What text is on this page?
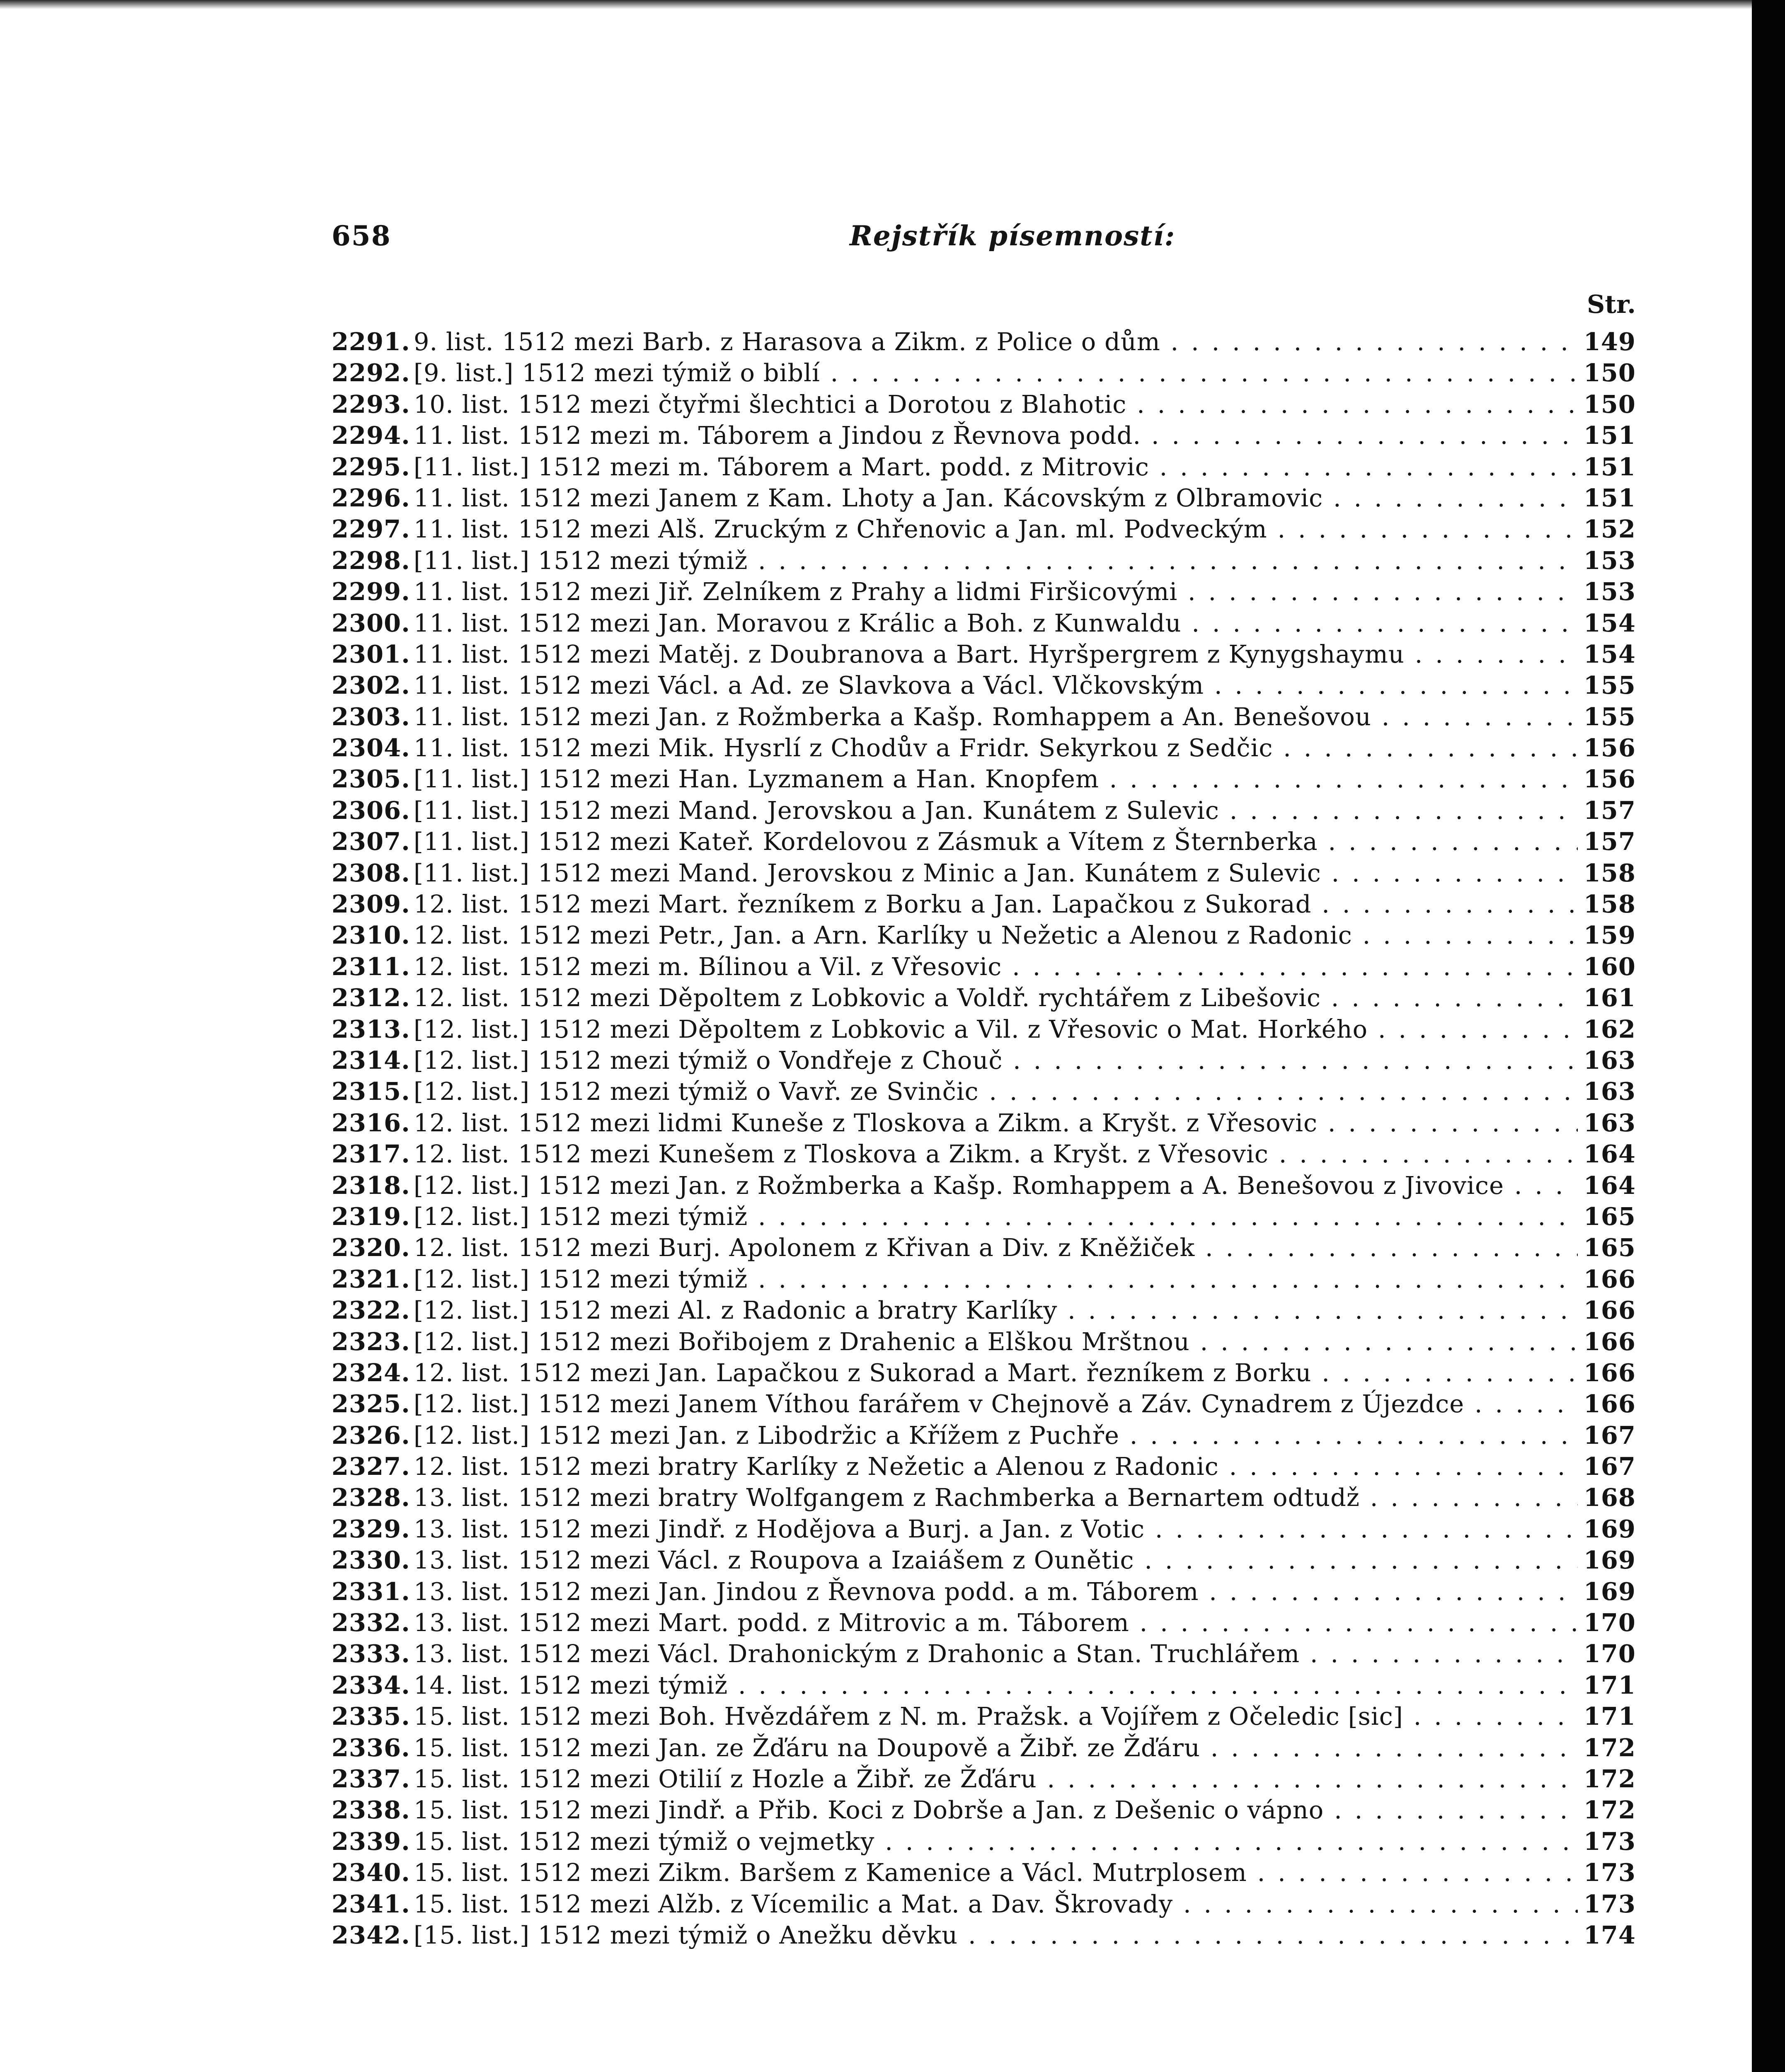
658	Rejstřík písemností:
Str.
2291. 9. list. 1512 mezi Barb. z Harasova a Zikm. z Police o dům . . .	149
2292. [9. list.] 1512 mezi týmiž o biblí . . .	150
2293. 10. list. 1512 mezi čtyřmi šlechtici a Dorotou z Blahotic . . .	150
2294. 11. list. 1512 mezi m. Táborem a Jindou z Řevnova podd. . . .	151
2295. [11. list.] 1512 mezi m. Táborem a Mart. podd. z Mitrovic . . .	151
2296. 11. list. 1512 mezi Janem z Kam. Lhoty a Jan. Kácovským z Olbramovic . . .	151
2297. 11. list. 1512 mezi Alš. Zruckým z Chřenovic a Jan. ml. Podveckým . . .	152
2298. [11. list.] 1512 mezi týmiž . . .	153
2299. 11. list. 1512 mezi Jiř. Zelníkem z Prahy a lidmi Firšicovými . . .	153
2300. 11. list. 1512 mezi Jan. Moravou z Králic a Boh. z Kunwaldu . . .	154
2301. 11. list. 1512 mezi Matěj. z Doubranova a Bart. Hyršpergrem z Kynygshaymu . . .	154
2302. 11. list. 1512 mezi Václ. a Ad. ze Slavkova a Václ. Vlčkovským . . .	155
2303. 11. list. 1512 mezi Jan. z Rožmberka a Kašp. Romhappem a An. Benešovou . . .	155
2304. 11. list. 1512 mezi Mik. Hysrlí z Chodův a Fridr. Sekyrkou z Sedčic . . .	156
2305. [11. list.] 1512 mezi Han. Lyzmanem a Han. Knopfem . . .	156
2306. [11. list.] 1512 mezi Mand. Jerovskou a Jan. Kunátem z Sulevic . . .	157
2307. [11. list.] 1512 mezi Kateř. Kordelovou z Zásmuk a Vítem z Šternberka . . .	157
2308. [11. list.] 1512 mezi Mand. Jerovskou z Minic a Jan. Kunátem z Sulevic . . .	158
2309. 12. list. 1512 mezi Mart. řezníkem z Borku a Jan. Lapačkou z Sukorad . . .	158
2310. 12. list. 1512 mezi Petr., Jan. a Arn. Karlíky u Nežetic a Alenou z Radonic . . .	159
2311. 12. list. 1512 mezi m. Bílinou a Vil. z Vřesovic . . .	160
2312. 12. list. 1512 mezi Děpoltem z Lobkovic a Voldř. rychtářem z Libešovic . . .	161
2313. [12. list.] 1512 mezi Děpoltem z Lobkovic a Vil. z Vřesovic o Mat. Horkého . . .	162
2314. [12. list.] 1512 mezi týmiž o Vondřeje z Chouč . . .	163
2315. [12. list.] 1512 mezi týmiž o Vavř. ze Svinčic . . .	163
2316. 12. list. 1512 mezi lidmi Kuneše z Tloskova a Zikm. a Kryšt. z Vřesovic . . .	163
2317. 12. list. 1512 mezi Kunešem z Tloskova a Zikm. a Kryšt. z Vřesovic . . .	164
2318. [12. list.] 1512 mezi Jan. z Rožmberka a Kašp. Romhappem a A. Benešovou z Jivovice . . .	164
2319. [12. list.] 1512 mezi týmiž . . .	165
2320. 12. list. 1512 mezi Burj. Apolonem z Křivan a Div. z Kněžiček . . .	165
2321. [12. list.] 1512 mezi týmiž . . .	166
2322. [12. list.] 1512 mezi Al. z Radonic a bratry Karlíky . . .	166
2323. [12. list.] 1512 mezi Bořibojem z Drahenic a Elškou Mrštnou . . .	166
2324. 12. list. 1512 mezi Jan. Lapačkou z Sukorad a Mart. řezníkem z Borku . . .	166
2325. [12. list.] 1512 mezi Janem Víthou farářem v Chejnově a Záv. Cynadrem z Újezdce . . .	166
2326. [12. list.] 1512 mezi Jan. z Libodržic a Křížem z Puchře . . .	167
2327. 12. list. 1512 mezi bratry Karlíky z Nežetic a Alenou z Radonic . . .	167
2328. 13. list. 1512 mezi bratry Wolfgangem z Rachmberka a Bernartem odtudž . . .	168
2329. 13. list. 1512 mezi Jindř. z Hodějova a Burj. a Jan. z Votic . . .	169
2330. 13. list. 1512 mezi Václ. z Roupova a Izaiášem z Ounětic . . .	169
2331. 13. list. 1512 mezi Jan. Jindou z Řevnova podd. a m. Táborem . . .	169
2332. 13. list. 1512 mezi Mart. podd. z Mitrovic a m. Táborem . . .	170
2333. 13. list. 1512 mezi Václ. Drahonickým z Drahonic a Stan. Truchlářem . . .	170
2334. 14. list. 1512 mezi týmiž . . .	171
2335. 15. list. 1512 mezi Boh. Hvězdářem z N. m. Pražsk. a Vojířem z Očeledic [sic] . . .	171
2336. 15. list. 1512 mezi Jan. ze Žďáru na Doupově a Žibř. ze Žďáru . . .	172
2337. 15. list. 1512 mezi Otilií z Hozle a Žibř. ze Žďáru . . .	172
2338. 15. list. 1512 mezi Jindř. a Přib. Koci z Dobrše a Jan. z Dešenic o vápno . . .	172
2339. 15. list. 1512 mezi týmiž o vejmetky . . .	173
2340. 15. list. 1512 mezi Zikm. Baršem z Kamenice a Václ. Mutrplosem . . .	173
2341. 15. list. 1512 mezi Alžb. z Vícemilic a Mat. a Dav. Škrovady . . .	173
2342. [15. list.] 1512 mezi týmiž o Anežku děvku . . .	174
